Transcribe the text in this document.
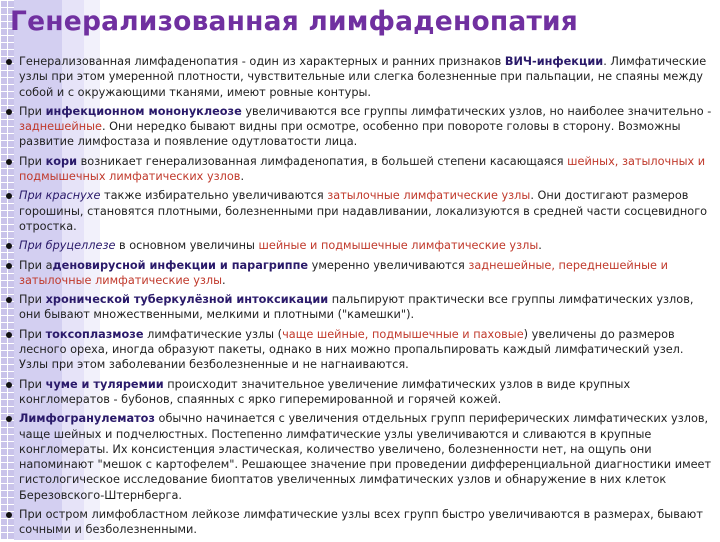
Генерализованная лимфаденопатия
Генерализованная лимфаденопатия - один из характерных и ранних признаков ВИЧ-инфекции. Лимфатические узлы при этом умеренной плотности, чувствительные или слегка болезненные при пальпации, не спаяны между собой и с окружающими тканями, имеют ровные контуры.
При инфекционном мононуклеозе увеличиваются все группы лимфатических узлов, но наиболее значительно - заднешейные. Они нередко бывают видны при осмотре, особенно при повороте головы в сторону. Возможны развитие лимфостаза и появление одутловатости лица.
При кори возникает генерализованная лимфаденопатия, в большей степени касающаяся шейных, затылочных и подмышечных лимфатических узлов.
При краснухе также избирательно увеличиваются затылочные лимфатические узлы. Они достигают размеров горошины, становятся плотными, болезненными при надавливании, локализуются в средней части сосцевидного отростка.
При бруцеллезе в основном увеличины шейные и подмышечные лимфатические узлы.
При аденовирусной инфекции и парагриппе умеренно увеличиваются заднешейные, переднешейные и затылочные лимфатические узлы.
При хронической туберкулёзной интоксикации пальпируют практически все группы лимфатических узлов, они бывают множественными, мелкими и плотными ("камешки").
При токсоплазмозе лимфатические узлы (чаще шейные, подмышечные и паховые) увеличены до размеров лесного ореха, иногда образуют пакеты, однако в них можно пропальпировать каждый лимфатический узел. Узлы при этом заболевании безболезненные и не нагнаиваются.
При чуме и туляремии происходит значительное увеличение лимфатических узлов в виде крупных конгломератов - бубонов, спаянных с ярко гиперемированной и горячей кожей.
Лимфогранулематоз обычно начинается с увеличения отдельных групп периферических лимфатических узлов, чаще шейных и подчелюстных. Постепенно лимфатические узлы увеличиваются и сливаются в крупные конгломераты. Их консистенция эластическая, количество увеличено, болезненности нет, на ощупь они напоминают "мешок с картофелем". Решающее значение при проведении дифференциальной диагностики имеет гистологическое исследование биоптатов увеличенных лимфатических узлов и обнаружение в них клеток Березовского-Штернберга.
При остром лимфобластном лейкозе лимфатические узлы всех групп быстро увеличиваются в размерах, бывают сочными и безболезненными.
